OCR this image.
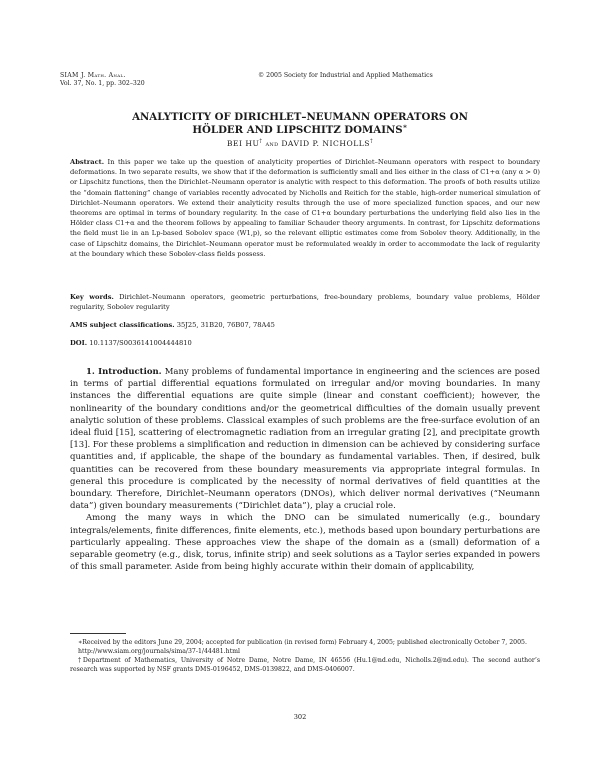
SIAM J. Math. Anal.
Vol. 37, No. 1, pp. 302–320
© 2005 Society for Industrial and Applied Mathematics
ANALYTICITY OF DIRICHLET–NEUMANN OPERATORS ON
HÖLDER AND LIPSCHITZ DOMAINS∗
BEI HU† and DAVID P. NICHOLLS†
Abstract. In this paper we take up the question of analyticity properties of Dirichlet–Neumann operators with respect to boundary deformations. In two separate results, we show that if the deformation is sufficiently small and lies either in the class of C1+α (any α > 0) or Lipschitz functions, then the Dirichlet–Neumann operator is analytic with respect to this deformation. The proofs of both results utilize the “domain flattening” change of variables recently advocated by Nicholls and Reitich for the stable, high-order numerical simulation of Dirichlet–Neumann operators. We extend their analyticity results through the use of more specialized function spaces, and our new theorems are optimal in terms of boundary regularity. In the case of C1+α boundary perturbations the underlying field also lies in the Hölder class C1+α and the theorem follows by appealing to familiar Schauder theory arguments. In contrast, for Lipschitz deformations the field must lie in an Lp-based Sobolev space (W1,p), so the relevant elliptic estimates come from Sobolev theory. Additionally, in the case of Lipschitz domains, the Dirichlet–Neumann operator must be reformulated weakly in order to accommodate the lack of regularity at the boundary which these Sobolev-class fields possess.
Key words. Dirichlet–Neumann operators, geometric perturbations, free-boundary problems, boundary value problems, Hölder regularity, Sobolev regularity
AMS subject classifications. 35J25, 31B20, 76B07, 78A45
DOI. 10.1137/S0036141004444810

1. Introduction. Many problems of fundamental importance in engineering and the sciences are posed in terms of partial differential equations formulated on irregular and/or moving boundaries. In many instances the differential equations are quite simple (linear and constant coefficient); however, the nonlinearity of the boundary conditions and/or the geometrical difficulties of the domain usually prevent analytic solution of these problems. Classical examples of such problems are the free-surface evolution of an ideal fluid [15], scattering of electromagnetic radiation from an irregular grating [2], and precipitate growth [13]. For these problems a simplification and reduction in dimension can be achieved by considering surface quantities and, if applicable, the shape of the boundary as fundamental variables. Then, if desired, bulk quantities can be recovered from these boundary measurements via appropriate integral formulas. In general this procedure is complicated by the necessity of normal derivatives of field quantities at the boundary. Therefore, Dirichlet–Neumann operators (DNOs), which deliver normal derivatives (“Neumann data”) given boundary measurements (“Dirichlet data”), play a crucial role.

Among the many ways in which the DNO can be simulated numerically (e.g., boundary integrals/elements, finite differences, finite elements, etc.), methods based upon boundary perturbations are particularly appealing. These approaches view the shape of the domain as a (small) deformation of a separable geometry (e.g., disk, torus, infinite strip) and seek solutions as a Taylor series expanded in powers of this small parameter. Aside from being highly accurate within their domain of applicability,

∗Received by the editors June 29, 2004; accepted for publication (in revised form) February 4, 2005; published electronically October 7, 2005.

http://www.siam.org/journals/sima/37-1/44481.html

†Department of Mathematics, University of Notre Dame, Notre Dame, IN 46556 (Hu.1@nd.edu, Nicholls.2@nd.edu). The second author’s research was supported by NSF grants DMS-0196452, DMS-0139822, and DMS-0406007.

302
